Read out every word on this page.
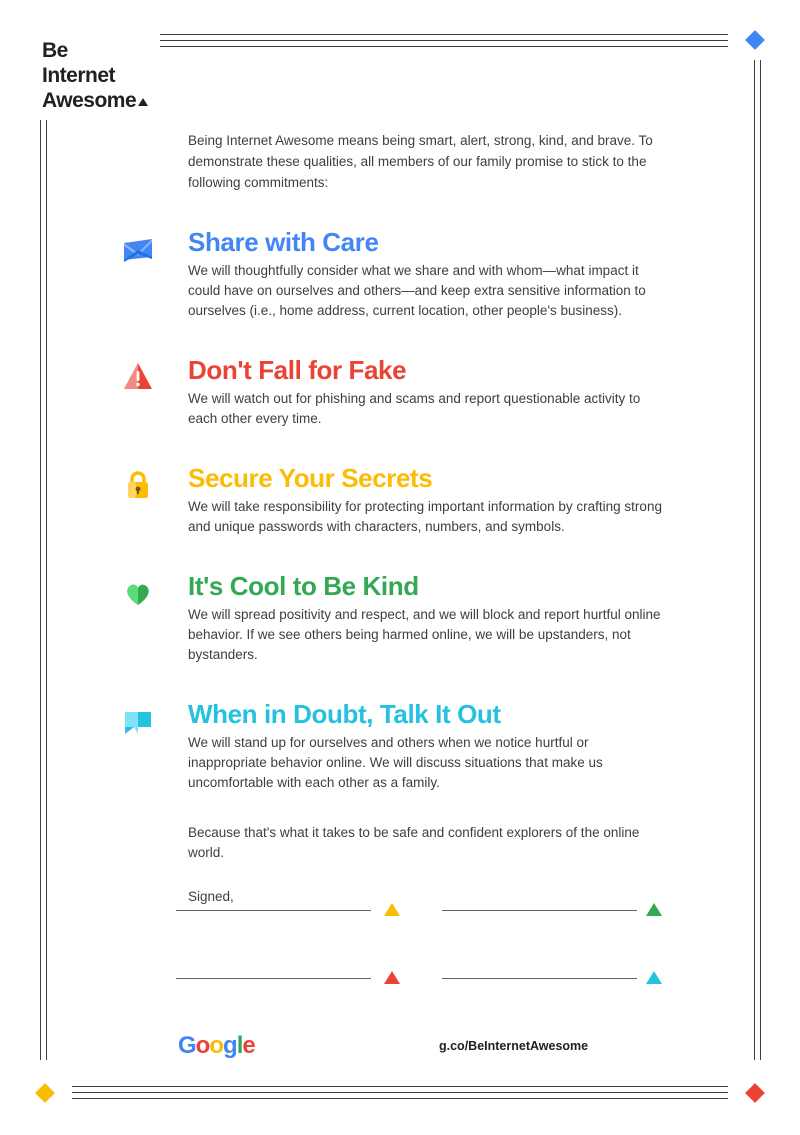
Be
Internet
Awesome
Being Internet Awesome means being smart, alert, strong, kind, and brave. To demonstrate these qualities, all members of our family promise to stick to the following commitments:
Share with Care
We will thoughtfully consider what we share and with whom—what impact it could have on ourselves and others—and keep extra sensitive information to ourselves (i.e., home address, current location, other people's business).
Don't Fall for Fake
We will watch out for phishing and scams and report questionable activity to each other every time.
Secure Your Secrets
We will take responsibility for protecting important information by crafting strong and unique passwords with characters, numbers, and symbols.
It's Cool to Be Kind
We will spread positivity and respect, and we will block and report hurtful online behavior. If we see others being harmed online, we will be upstanders, not bystanders.
When in Doubt, Talk It Out
We will stand up for ourselves and others when we notice hurtful or inappropriate behavior online. We will discuss situations that make us uncomfortable with each other as a family.
Because that's what it takes to be safe and confident explorers of the online world.
Signed,
Google	g.co/BeInternetAwesome
